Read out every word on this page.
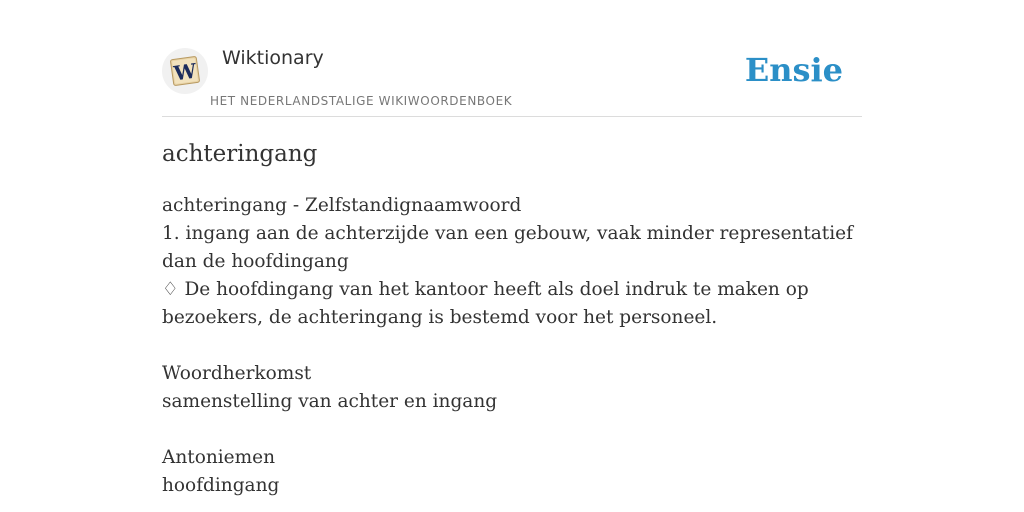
W
Wiktionary
HET NEDERLANDSTALIGE WIKIWOORDENBOEK
Ensie
achteringang

achteringang - Zelfstandignaamwoord

1. ingang aan de achterzijde van een gebouw, vaak minder representatief dan de hoofdingang

♢ De hoofdingang van het kantoor heeft als doel indruk te maken op bezoekers, de achteringang is bestemd voor het personeel.

Woordherkomst

samenstelling van achter en ingang

Antoniemen

hoofdingang
